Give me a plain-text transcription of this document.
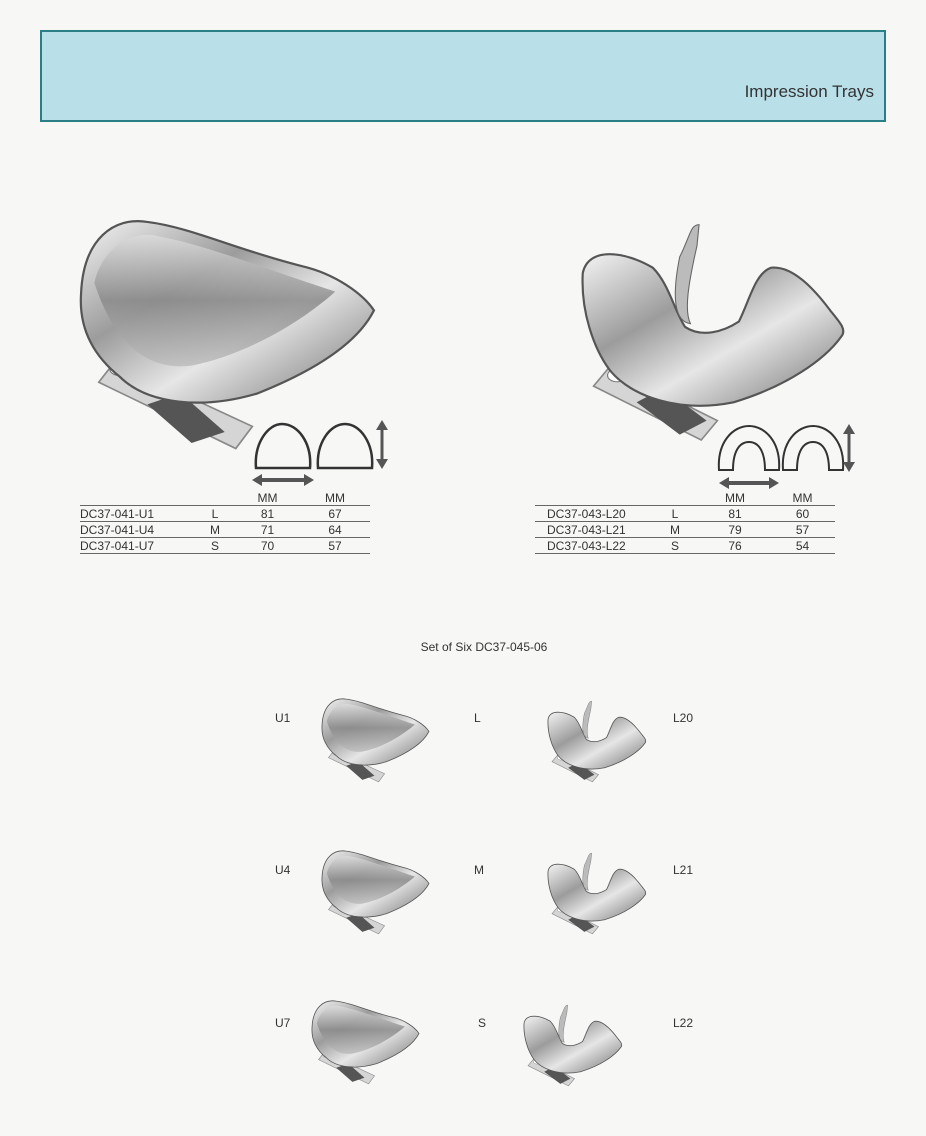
Impression Trays
		MM	MM
DC37-041-U1	L	81	67
DC37-041-U4	M	71	64
DC37-041-U7	S	70	57
		MM	MM
DC37-043-L20	L	81	60
DC37-043-L21	M	79	57
DC37-043-L22	S	76	54
Set of Six DC37-045-06
U1	L	L20
U4	M	L21
U7	S	L22
